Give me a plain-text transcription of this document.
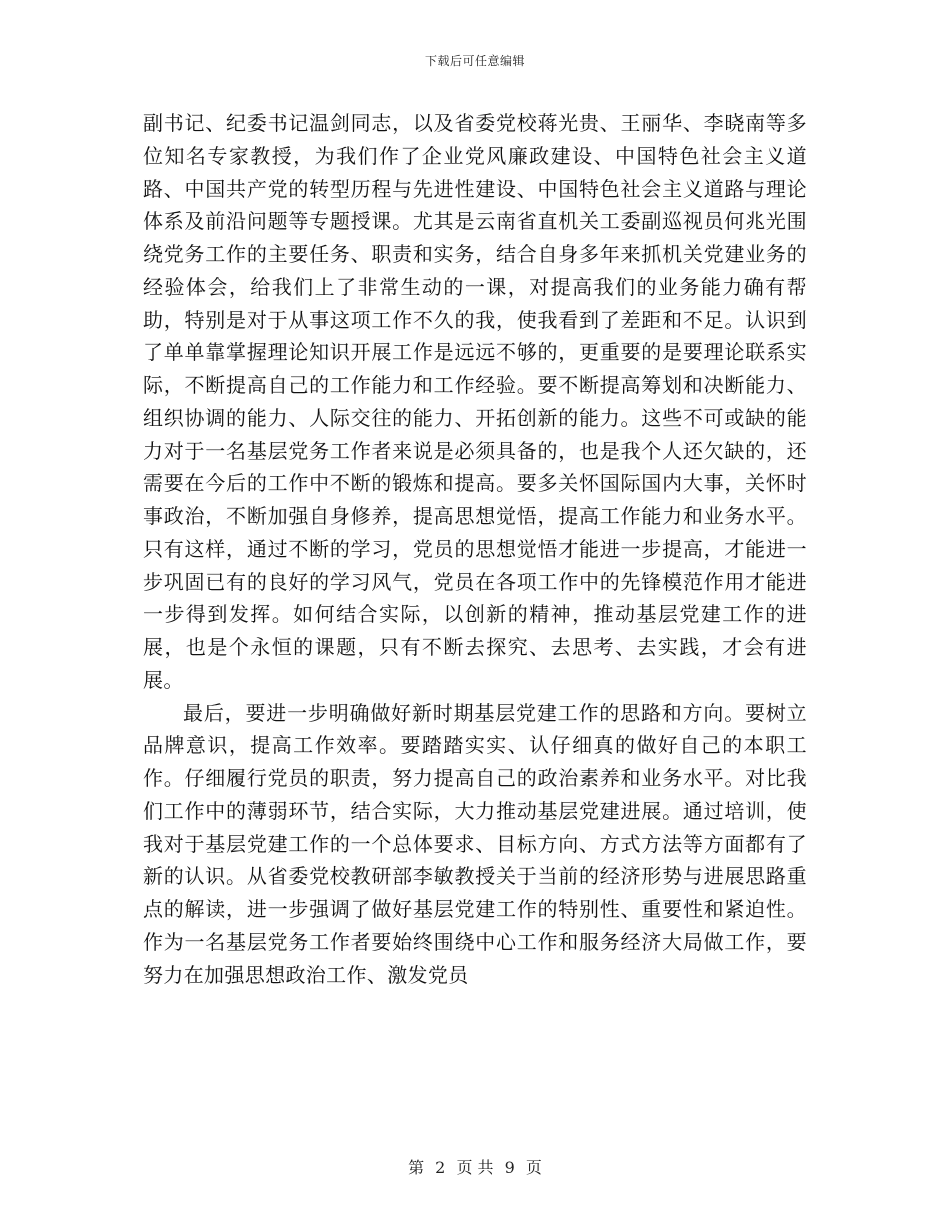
下载后可任意编辑

副书记、纪委书记温剑同志，以及省委党校蒋光贵、王丽华、李晓南等多位知名专家教授，为我们作了企业党风廉政建设、中国特色社会主义道路、中国共产党的转型历程与先进性建设、中国特色社会主义道路与理论体系及前沿问题等专题授课。尤其是云南省直机关工委副巡视员何兆光围绕党务工作的主要任务、职责和实务，结合自身多年来抓机关党建业务的经验体会，给我们上了非常生动的一课，对提高我们的业务能力确有帮助，特别是对于从事这项工作不久的我，使我看到了差距和不足。认识到了单单靠掌握理论知识开展工作是远远不够的，更重要的是要理论联系实际，不断提高自己的工作能力和工作经验。要不断提高筹划和决断能力、组织协调的能力、人际交往的能力、开拓创新的能力。这些不可或缺的能力对于一名基层党务工作者来说是必须具备的，也是我个人还欠缺的，还需要在今后的工作中不断的锻炼和提高。要多关怀国际国内大事，关怀时事政治，不断加强自身修养，提高思想觉悟，提高工作能力和业务水平。只有这样，通过不断的学习，党员的思想觉悟才能进一步提高，才能进一步巩固已有的良好的学习风气，党员在各项工作中的先锋模范作用才能进一步得到发挥。如何结合实际，以创新的精神，推动基层党建工作的进展，也是个永恒的课题，只有不断去探究、去思考、去实践，才会有进展。

最后，要进一步明确做好新时期基层党建工作的思路和方向。要树立品牌意识，提高工作效率。要踏踏实实、认仔细真的做好自己的本职工作。仔细履行党员的职责，努力提高自己的政治素养和业务水平。对比我们工作中的薄弱环节，结合实际，大力推动基层党建进展。通过培训，使我对于基层党建工作的一个总体要求、目标方向、方式方法等方面都有了新的认识。从省委党校教研部李敏教授关于当前的经济形势与进展思路重点的解读，进一步强调了做好基层党建工作的特别性、重要性和紧迫性。作为一名基层党务工作者要始终围绕中心工作和服务经济大局做工作，要努力在加强思想政治工作、激发党员

第 2 页 共 9 页
